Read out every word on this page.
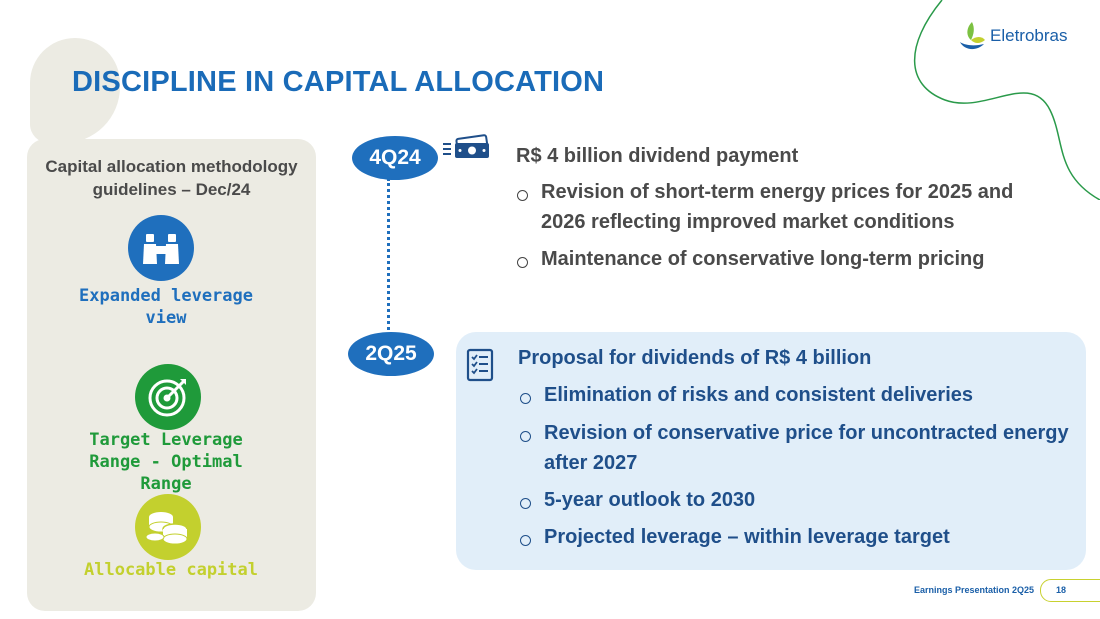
DISCIPLINE IN CAPITAL ALLOCATION
Eletrobras
Capital allocation methodology guidelines – Dec/24
Expanded leverage view
Target Leverage Range - Optimal Range
Allocable capital
4Q24
2Q25
R$ 4 billion dividend payment
Revision of short-term energy prices for 2025 and 2026 reflecting improved market conditions
Maintenance of conservative long-term pricing
Proposal for dividends of R$ 4 billion
Elimination of risks and consistent deliveries
Revision of conservative price for uncontracted energy after 2027
5-year outlook to 2030
Projected leverage – within leverage target
Earnings Presentation 2Q25 18
